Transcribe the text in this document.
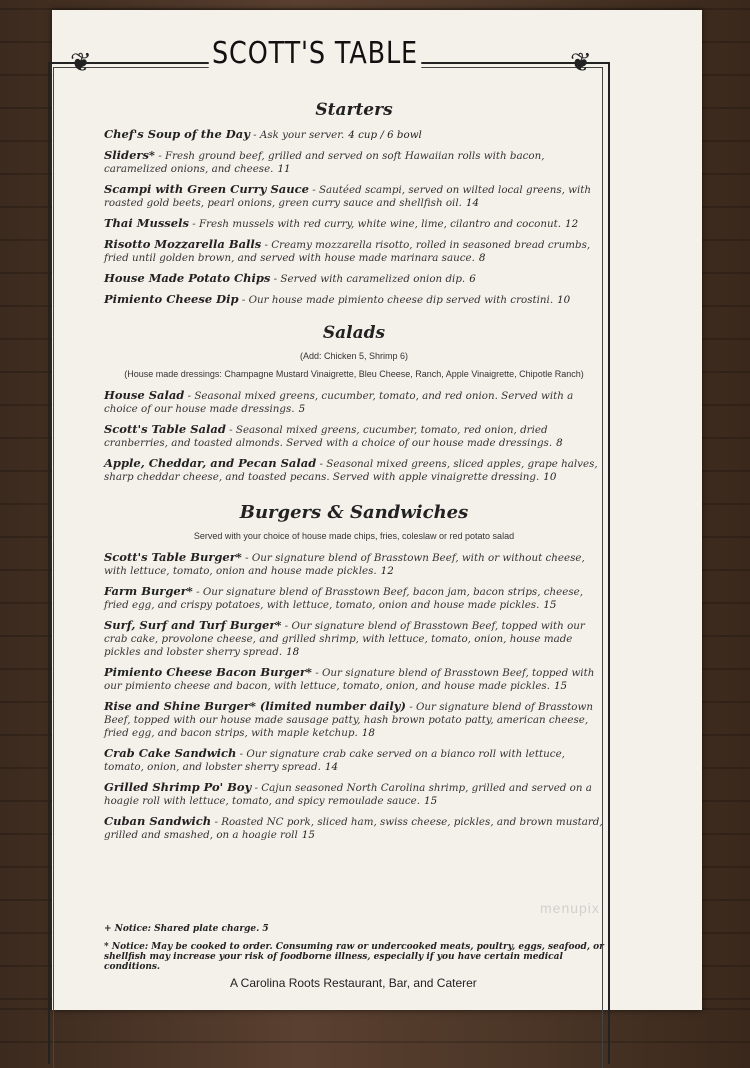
❦	❦
SCOTT'S TABLE
Starters
Chef's Soup of the Day - Ask your server. 4 cup / 6 bowl
Sliders* - Fresh ground beef, grilled and served on soft Hawaiian rolls with bacon, caramelized onions, and cheese. 11
Scampi with Green Curry Sauce - Sautéed scampi, served on wilted local greens, with roasted gold beets, pearl onions, green curry sauce and shellfish oil. 14
Thai Mussels - Fresh mussels with red curry, white wine, lime, cilantro and coconut. 12
Risotto Mozzarella Balls - Creamy mozzarella risotto, rolled in seasoned bread crumbs, fried until golden brown, and served with house made marinara sauce. 8
House Made Potato Chips - Served with caramelized onion dip. 6
Pimiento Cheese Dip - Our house made pimiento cheese dip served with crostini. 10
Salads
(Add: Chicken 5, Shrimp 6)
(House made dressings: Champagne Mustard Vinaigrette, Bleu Cheese, Ranch, Apple Vinaigrette, Chipotle Ranch)
House Salad - Seasonal mixed greens, cucumber, tomato, and red onion. Served with a choice of our house made dressings. 5
Scott's Table Salad - Seasonal mixed greens, cucumber, tomato, red onion, dried cranberries, and toasted almonds. Served with a choice of our house made dressings. 8
Apple, Cheddar, and Pecan Salad - Seasonal mixed greens, sliced apples, grape halves, sharp cheddar cheese, and toasted pecans. Served with apple vinaigrette dressing. 10
Burgers & Sandwiches
Served with your choice of house made chips, fries, coleslaw or red potato salad
Scott's Table Burger* - Our signature blend of Brasstown Beef, with or without cheese, with lettuce, tomato, onion and house made pickles. 12
Farm Burger* - Our signature blend of Brasstown Beef, bacon jam, bacon strips, cheese, fried egg, and crispy potatoes, with lettuce, tomato, onion and house made pickles. 15
Surf, Surf and Turf Burger* - Our signature blend of Brasstown Beef, topped with our crab cake, provolone cheese, and grilled shrimp, with lettuce, tomato, onion, house made pickles and lobster sherry spread. 18
Pimiento Cheese Bacon Burger* - Our signature blend of Brasstown Beef, topped with our pimiento cheese and bacon, with lettuce, tomato, onion, and house made pickles. 15
Rise and Shine Burger* (limited number daily) - Our signature blend of Brasstown Beef, topped with our house made sausage patty, hash brown potato patty, american cheese, fried egg, and bacon strips, with maple ketchup. 18
Crab Cake Sandwich - Our signature crab cake served on a bianco roll with lettuce, tomato, onion, and lobster sherry spread. 14
Grilled Shrimp Po' Boy - Cajun seasoned North Carolina shrimp, grilled and served on a hoagie roll with lettuce, tomato, and spicy remoulade sauce. 15
Cuban Sandwich - Roasted NC pork, sliced ham, swiss cheese, pickles, and brown mustard, grilled and smashed, on a hoagie roll 15
+ Notice: Shared plate charge. 5
* Notice: May be cooked to order. Consuming raw or undercooked meats, poultry, eggs, seafood, or shellfish may increase your risk of foodborne illness, especially if you have certain medical conditions.
A Carolina Roots Restaurant, Bar, and Caterer
menupix
